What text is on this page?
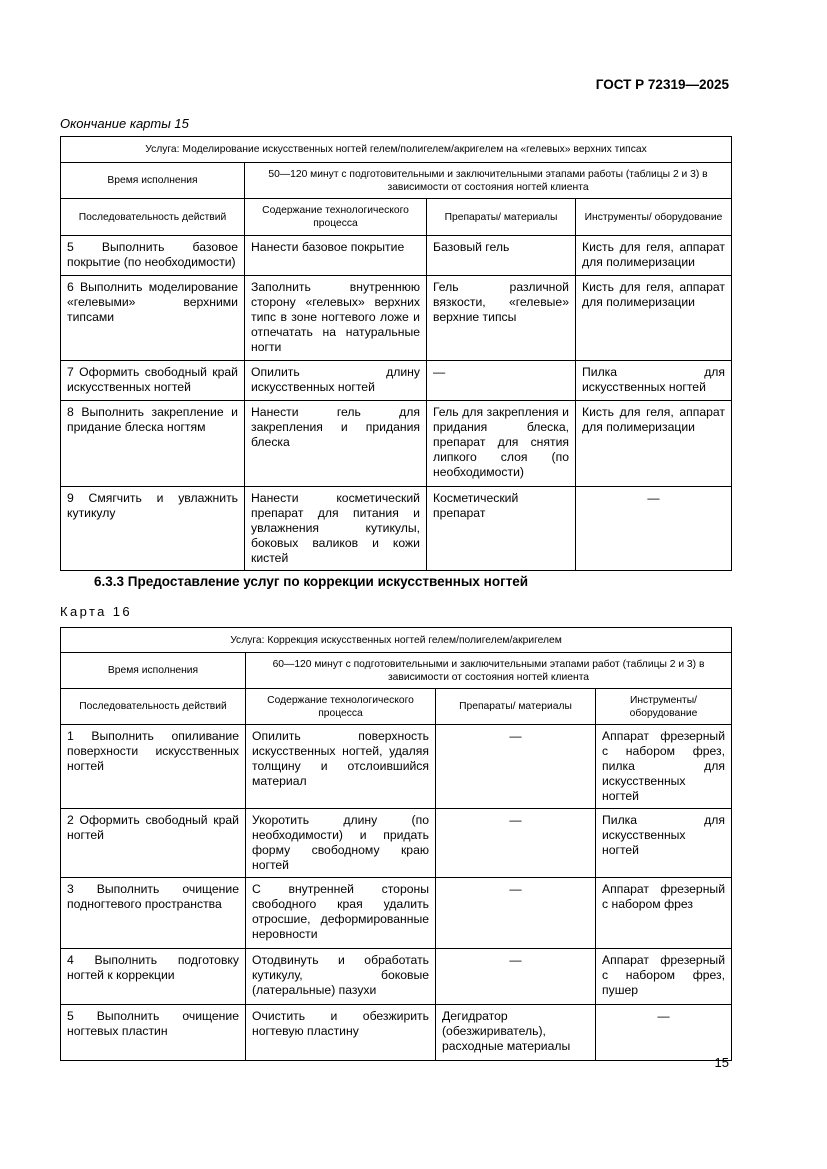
ГОСТ Р 72319—2025
Окончание карты 15
Услуга: Моделирование искусственных ногтей гелем/полигелем/акригелем на «гелевых» верхних типсах			
Время исполнения	50—120 минут с подготовительными и заключительными этапами работы (таблицы 2 и 3) в зависимости от состояния ногтей клиента		
Последовательность действий	Содержание технологического процесса	Препараты/ материалы	Инструменты/ оборудование
5 Выполнить базовое покрытие (по необходимости)	Нанести базовое покрытие	Базовый гель	Кисть для геля, аппарат для полимеризации
6 Выполнить моделирование «гелевыми» верхними типсами	Заполнить внутреннюю сторону «гелевых» верхних типс в зоне ногтевого ложе и отпечатать на натуральные ногти	Гель различной вязкости, «гелевые» верхние типсы	Кисть для геля, аппарат для полимеризации
7 Оформить свободный край искусственных ногтей	Опилить длину искусственных ногтей	—	Пилка для искусственных ногтей
8 Выполнить закрепление и придание блеска ногтям	Нанести гель для закрепления и придания блеска	Гель для закрепления и придания блеска, препарат для снятия липкого слоя (по необходимости)	Кисть для геля, аппарат для полимеризации
9 Смягчить и увлажнить кутикулу	Нанести косметический препарат для питания и увлажнения кутикулы, боковых валиков и кожи кистей	Косметический препарат	—
6.3.3 Предоставление услуг по коррекции искусственных ногтей
Карта 16
Услуга: Коррекция искусственных ногтей гелем/полигелем/акригелем			
Время исполнения	60—120 минут с подготовительными и заключительными этапами работ (таблицы 2 и 3) в зависимости от состояния ногтей клиента		
Последовательность действий	Содержание технологического процесса	Препараты/ материалы	Инструменты/ оборудование
1 Выполнить опиливание поверхности искусственных ногтей	Опилить поверхность искусственных ногтей, удаляя толщину и отслоившийся материал	—	Аппарат фрезерный с набором фрез, пилка для искусственных ногтей
2 Оформить свободный край ногтей	Укоротить длину (по необходимости) и придать форму свободному краю ногтей	—	Пилка для искусственных ногтей
3 Выполнить очищение подногтевого пространства	С внутренней стороны свободного края удалить отросшие, деформированные неровности	—	Аппарат фрезерный с набором фрез
4 Выполнить подготовку ногтей к коррекции	Отодвинуть и обработать кутикулу, боковые (латеральные) пазухи	—	Аппарат фрезерный с набором фрез, пушер
5 Выполнить очищение ногтевых пластин	Очистить и обезжирить ногтевую пластину	Дегидратор (обезжириватель), расходные материалы	—
15
